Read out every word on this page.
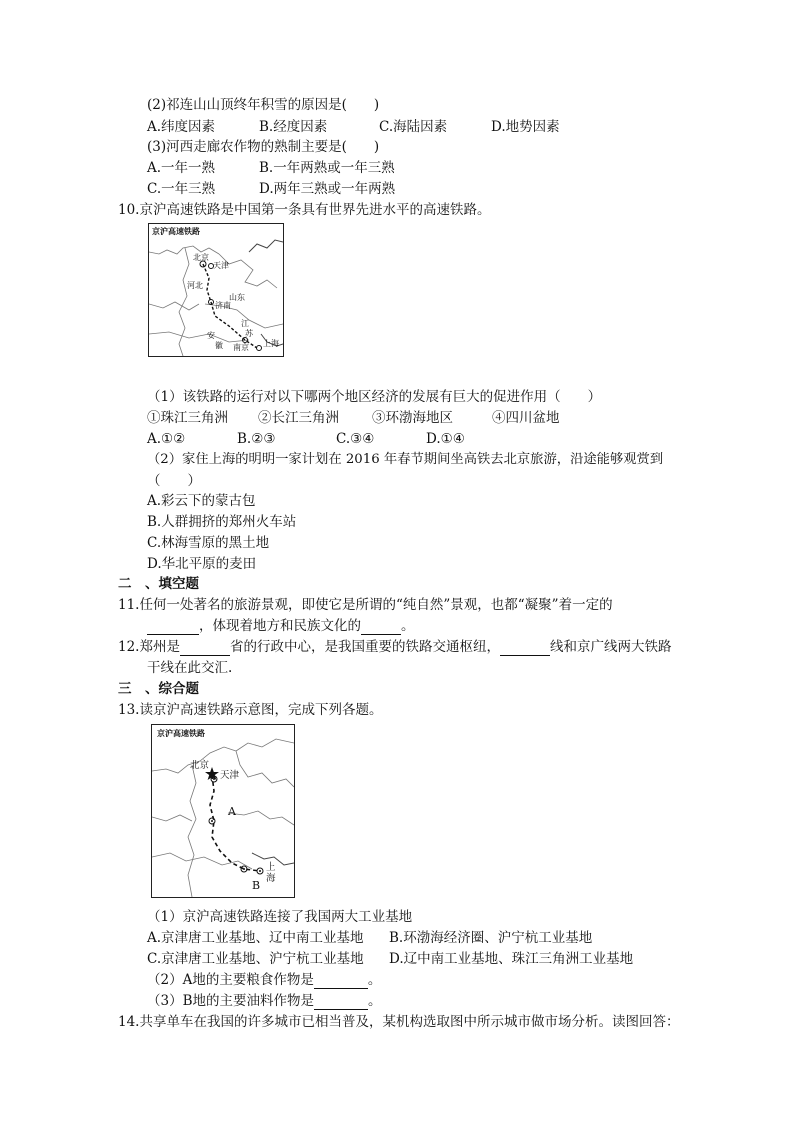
(2)祁连山山顶终年积雪的原因是(　　)
A.纬度因素	B.经度因素	C.海陆因素	D.地势因素
(3)河西走廊农作物的熟制主要是(　　)
A.一年一熟	B.一年两熟或一年三熟
C.一年三熟	D.两年三熟或一年两熟
10.京沪高速铁路是中国第一条具有世界先进水平的高速铁路。
京沪高速铁路
北京
天津
河北
山东
济南
江
苏
安
徽 南京 上海
（1）该铁路的运行对以下哪两个地区经济的发展有巨大的促进作用（　　）
①珠江三角洲 ②长江三角洲 ③环渤海地区	④四川盆地
A.①②	B.②③	C.③④	D.①④
（2）家住上海的明明一家计划在 2016 年春节期间坐高铁去北京旅游，沿途能够观赏到
（　　）
A.彩云下的蒙古包
B.人群拥挤的郑州火车站
C.林海雪原的黑土地
D.华北平原的麦田
二　、填空题
11.任何一处著名的旅游景观，即使它是所谓的“纯自然”景观，也都“凝聚”着一定的
，体现着地方和民族文化的	。
12.郑州是	省的行政中心，是我国重要的铁路交通枢纽，	线和京广线两大铁路
干线在此交汇.
三　、综合题
13.读京沪高速铁路示意图，完成下列各题。
京沪高速铁路
北京
天津
A
上
海
B
（1）京沪高速铁路连接了我国两大工业基地
A.京津唐工业基地、辽中南工业基地 B.环渤海经济圈、沪宁杭工业基地
C.京津唐工业基地、沪宁杭工业基地 D.辽中南工业基地、珠江三角洲工业基地
（2）A地的主要粮食作物是	。
（3）B地的主要油料作物是	。
14.共享单车在我国的许多城市已相当普及，某机构选取图中所示城市做市场分析。读图回答：
